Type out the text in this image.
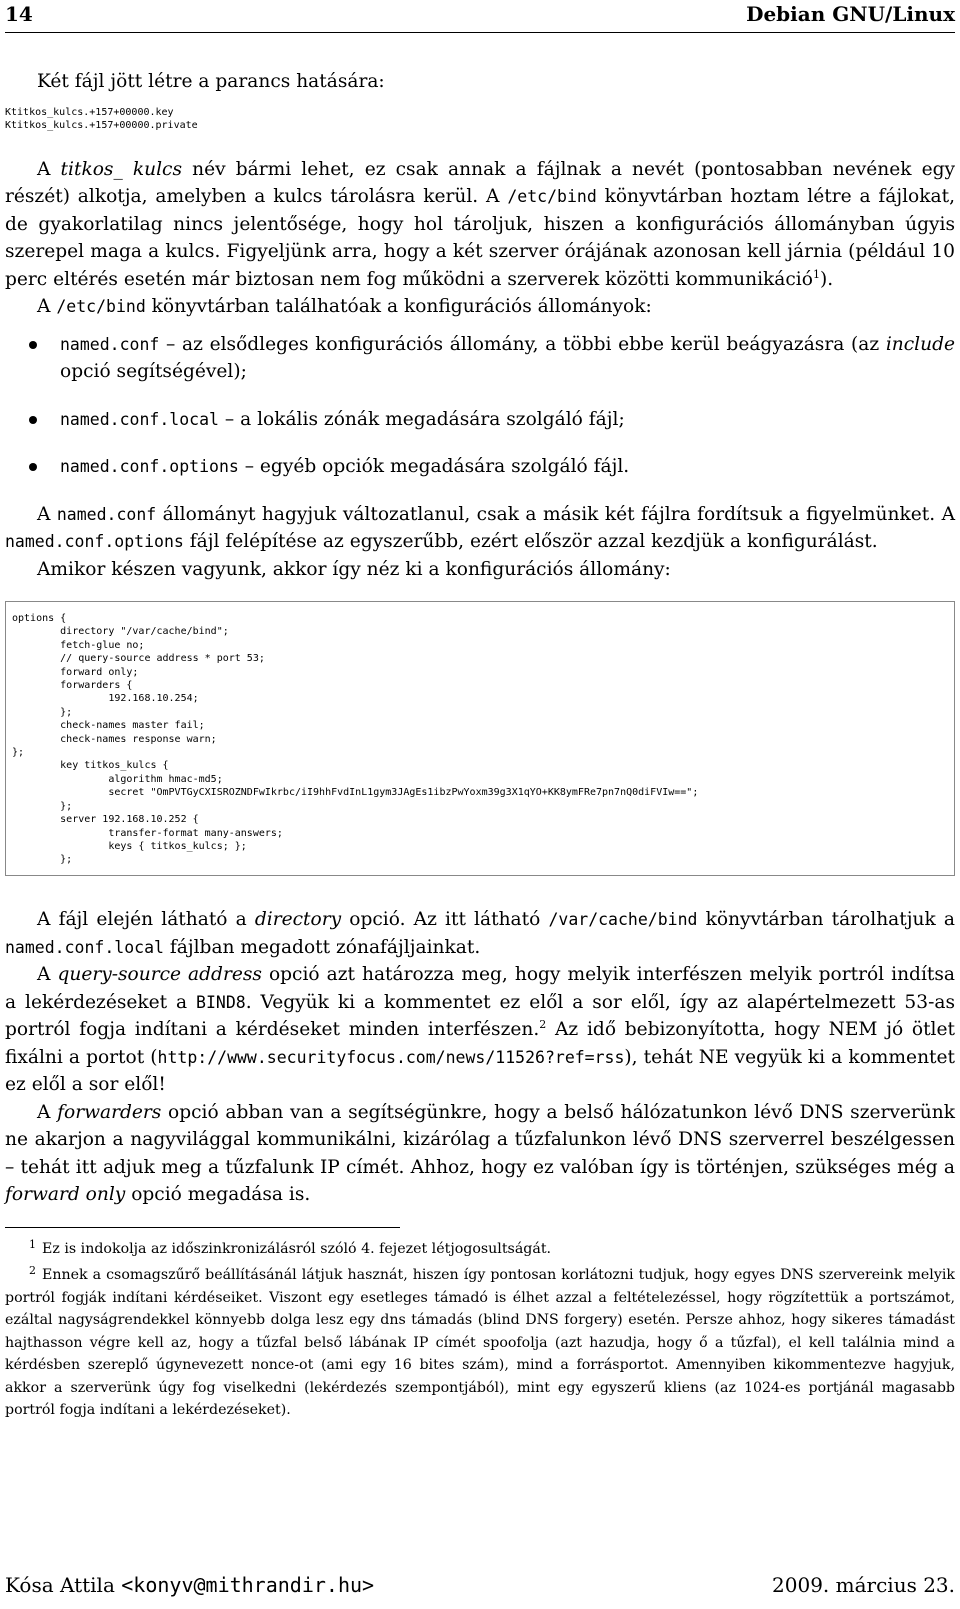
14	Debian GNU/Linux

Két fájl jött létre a parancs hatására:

Ktitkos_kulcs.+157+00000.key
Ktitkos_kulcs.+157+00000.private

A titkos_ kulcs név bármi lehet, ez csak annak a fájlnak a nevét (pontosabban nevének egy részét) alkotja, amelyben a kulcs tárolásra kerül. A /etc/bind könyvtárban hoztam létre a fájlokat, de gyakorlatilag nincs jelentősége, hogy hol tároljuk, hiszen a konfigurációs állományban úgyis szerepel maga a kulcs. Figyeljünk arra, hogy a két szerver órájának azonosan kell járnia (például 10 perc eltérés esetén már biztosan nem fog működni a szerverek közötti kommunikáció$^1$).

A /etc/bind könyvtárban találhatóak a konfigurációs állományok:

named.conf – az elsődleges konfigurációs állomány, a többi ebbe kerül beágyazásra (az include opció segítségével);
named.conf.local – a lokális zónák megadására szolgáló fájl;
named.conf.options – egyéb opciók megadására szolgáló fájl.

A named.conf állományt hagyjuk változatlanul, csak a másik két fájlra fordítsuk a figyelmünket. A named.conf.options fájl felépítése az egyszerűbb, ezért először azzal kezdjük a konfigurálást.

Amikor készen vagyunk, akkor így néz ki a konfigurációs állomány:

options {
directory "/var/cache/bind";
fetch-glue no;
// query-source address * port 53;
forward only;
forwarders {
192.168.10.254;
};
check-names master fail;
check-names response warn;
};
key titkos_kulcs {
algorithm hmac-md5;
secret "OmPVTGyCXISROZNDFwIkrbc/iI9hhFvdInL1gym3JAgEs1ibzPwYoxm39g3X1qYO+KK8ymFRe7pn7nQ0diFVIw==";
};
server 192.168.10.252 {
transfer-format many-answers;
keys { titkos_kulcs; };
};

A fájl elején látható a directory opció. Az itt látható /var/cache/bind könyvtárban tárolhatjuk a named.conf.local fájlban megadott zónafájljainkat.

A query-source address opció azt határozza meg, hogy melyik interfészen melyik portról indítsa a lekérdezéseket a BIND8. Vegyük ki a kommentet ez elől a sor elől, így az alapértelmezett 53-as portról fogja indítani a kérdéseket minden interfészen.$^2$ Az idő bebizonyította, hogy NEM jó ötlet fixálni a portot (http://www.securityfocus.com/news/11526?ref=rss), tehát NE vegyük ki a kommentet ez elől a sor elől!

A forwarders opció abban van a segítségünkre, hogy a belső hálózatunkon lévő DNS szerverünk ne akarjon a nagyvilággal kommunikálni, kizárólag a tűzfalunkon lévő DNS szerverrel beszélgessen – tehát itt adjuk meg a tűzfalunk IP címét. Ahhoz, hogy ez valóban így is történjen, szükséges még a forward only opció megadása is.

1 Ez is indokolja az időszinkronizálásról szóló 4. fejezet létjogosultságát.

2 Ennek a csomagszűrő beállításánál látjuk hasznát, hiszen így pontosan korlátozni tudjuk, hogy egyes DNS szervereink melyik portról fogják indítani kérdéseiket. Viszont egy esetleges támadó is élhet azzal a feltételezéssel, hogy rögzítettük a portszámot, ezáltal nagyságrendekkel könnyebb dolga lesz egy dns támadás (blind DNS forgery) esetén. Persze ahhoz, hogy sikeres támadást hajthasson végre kell az, hogy a tűzfal belső lábának IP címét spoofolja (azt hazudja, hogy ő a tűzfal), el kell találnia mind a kérdésben szereplő úgynevezett nonce-ot (ami egy 16 bites szám), mind a forrásportot. Amennyiben kikommentezve hagyjuk, akkor a szerverünk úgy fog viselkedni (lekérdezés szempontjából), mint egy egyszerű kliens (az 1024-es portjánál magasabb portról fogja indítani a lekérdezéseket).

Kósa Attila <konyv@mithrandir.hu>	2009. március 23.
